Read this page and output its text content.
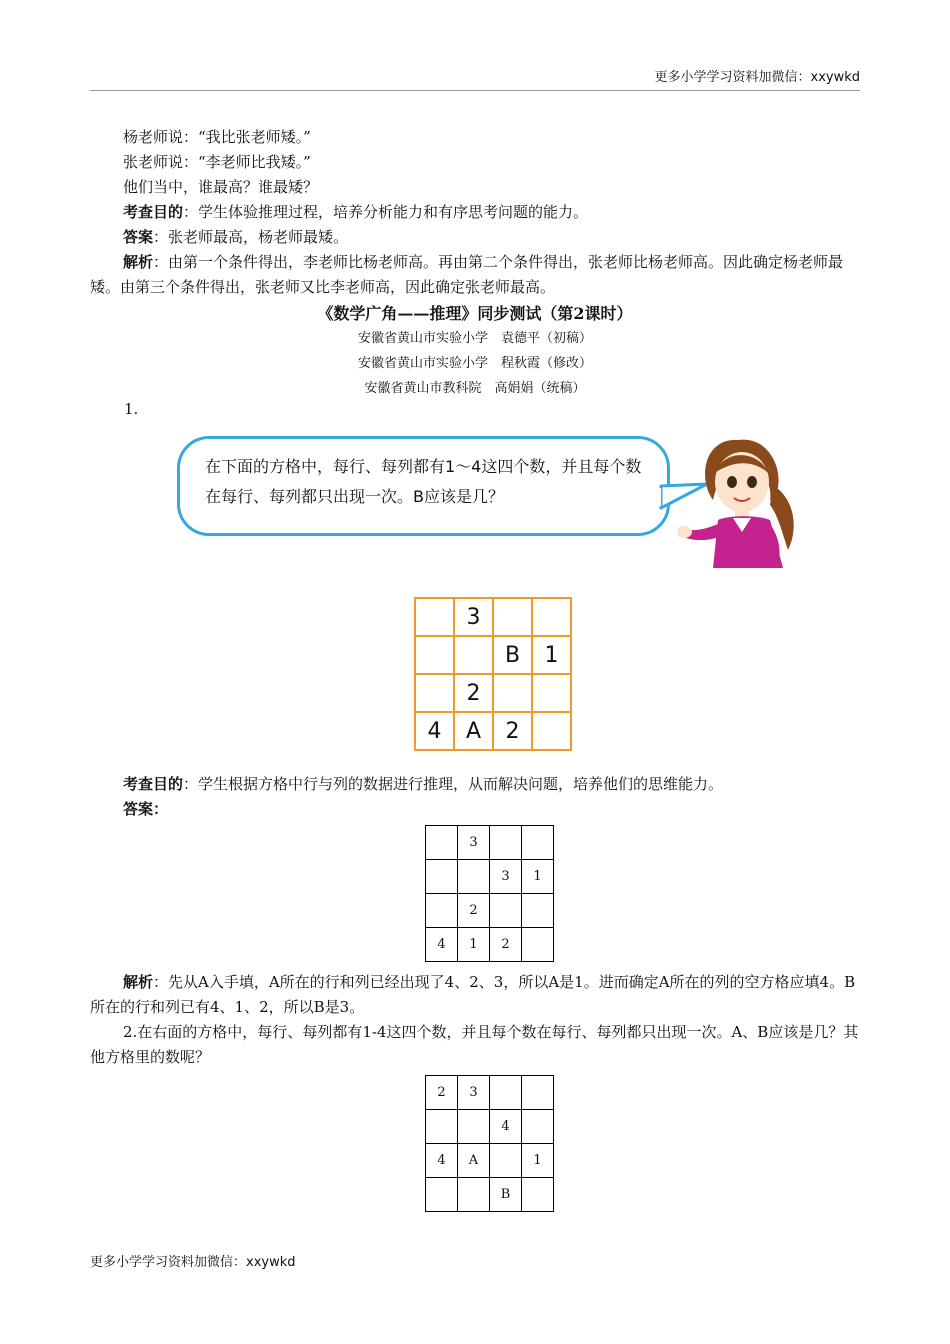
更多小学学习资料加微信：xxywkd

杨老师说：“我比张老师矮。”

张老师说：“李老师比我矮。”

他们当中，谁最高？谁最矮？

考查目的：学生体验推理过程，培养分析能力和有序思考问题的能力。

答案：张老师最高，杨老师最矮。

解析：由第一个条件得出，李老师比杨老师高。再由第二个条件得出，张老师比杨老师高。因此确定杨老师最矮。由第三个条件得出，张老师又比李老师高，因此确定张老师最高。

《数学广角——推理》同步测试（第2课时）
安徽省黄山市实验小学　袁德平（初稿）
安徽省黄山市实验小学　程秋霞（修改）
安徽省黄山市教科院　高娟娟（统稿）
1.
在下面的方格中，每行、每列都有1～4这四个数，并且每个数在每行、每列都只出现一次。B应该是几？
	3		
		B	1
	2		
4	A	2	

考查目的：学生根据方格中行与列的数据进行推理，从而解决问题，培养他们的思维能力。

答案：

	3		
		3	1
	2		
4	1	2	

解析：先从A入手填，A所在的行和列已经出现了4、2、3，所以A是1。进而确定A所在的列的空方格应填4。B所在的行和列已有4、1、2，所以B是3。

2.在右面的方格中，每行、每列都有1-4这四个数，并且每个数在每行、每列都只出现一次。A、B应该是几？其他方格里的数呢？

2	3		
		4	
4	A		1
		B	
更多小学学习资料加微信：xxywkd
